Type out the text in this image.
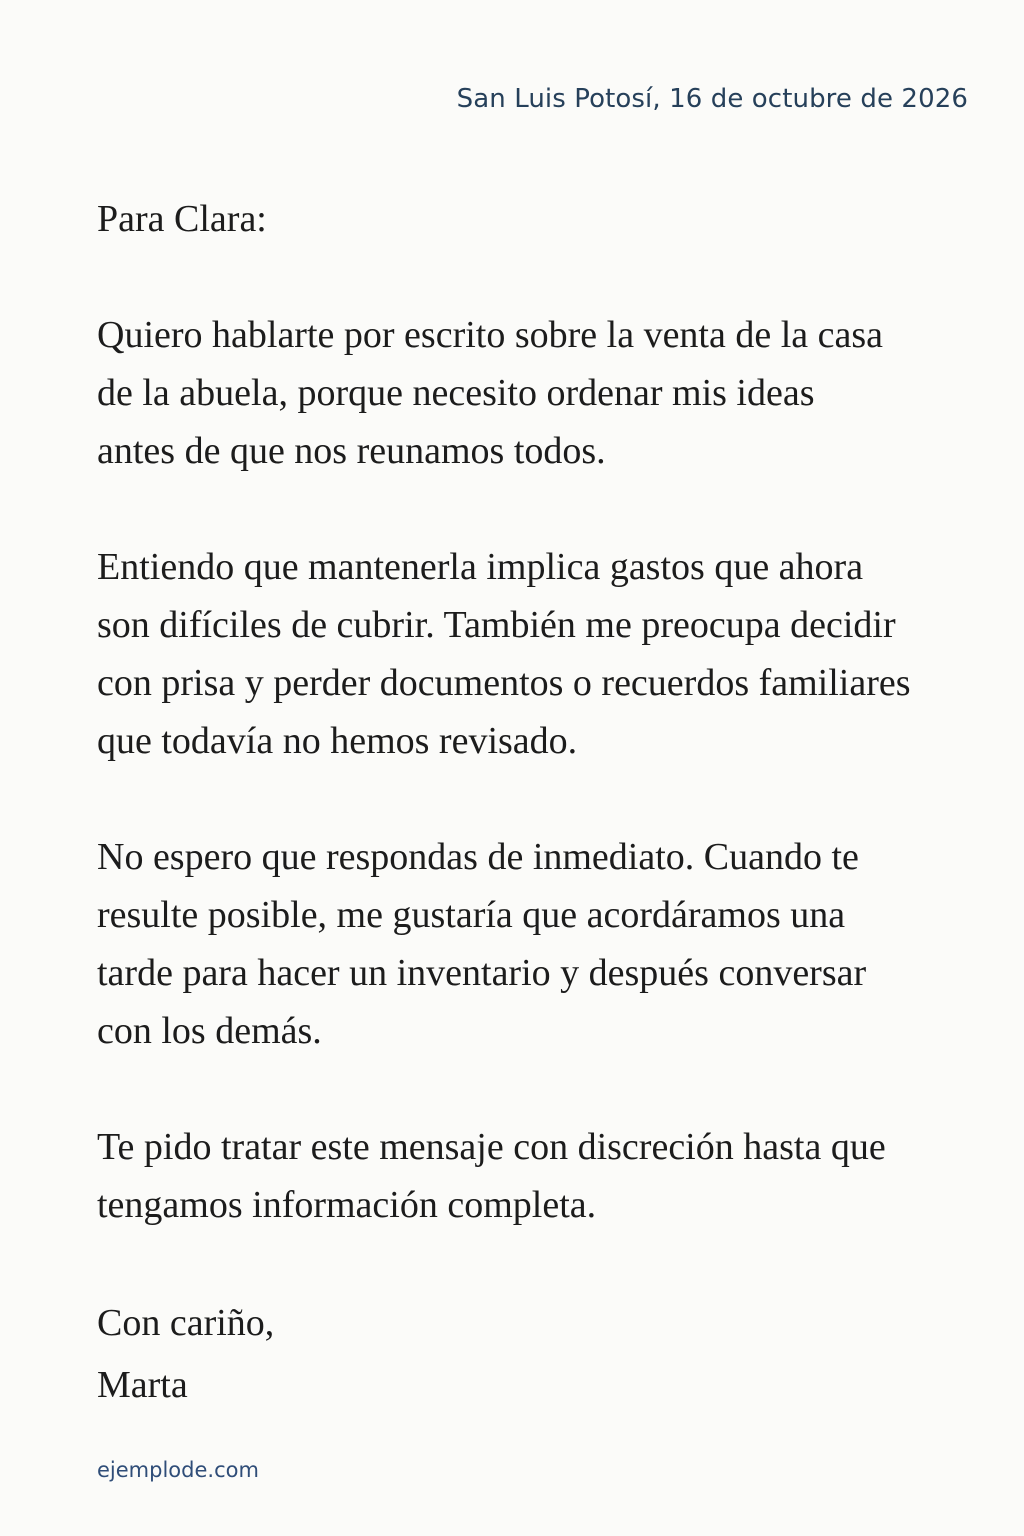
San Luis Potosí, 16 de octubre de 2026

Para Clara:

Quiero hablarte por escrito sobre la venta de la casa
de la abuela, porque necesito ordenar mis ideas
antes de que nos reunamos todos.

Entiendo que mantenerla implica gastos que ahora
son difíciles de cubrir. También me preocupa decidir
con prisa y perder documentos o recuerdos familiares
que todavía no hemos revisado.

No espero que respondas de inmediato. Cuando te
resulte posible, me gustaría que acordáramos una
tarde para hacer un inventario y después conversar
con los demás.

Te pido tratar este mensaje con discreción hasta que
tengamos información completa.

Con cariño,
Marta
ejemplode.com
